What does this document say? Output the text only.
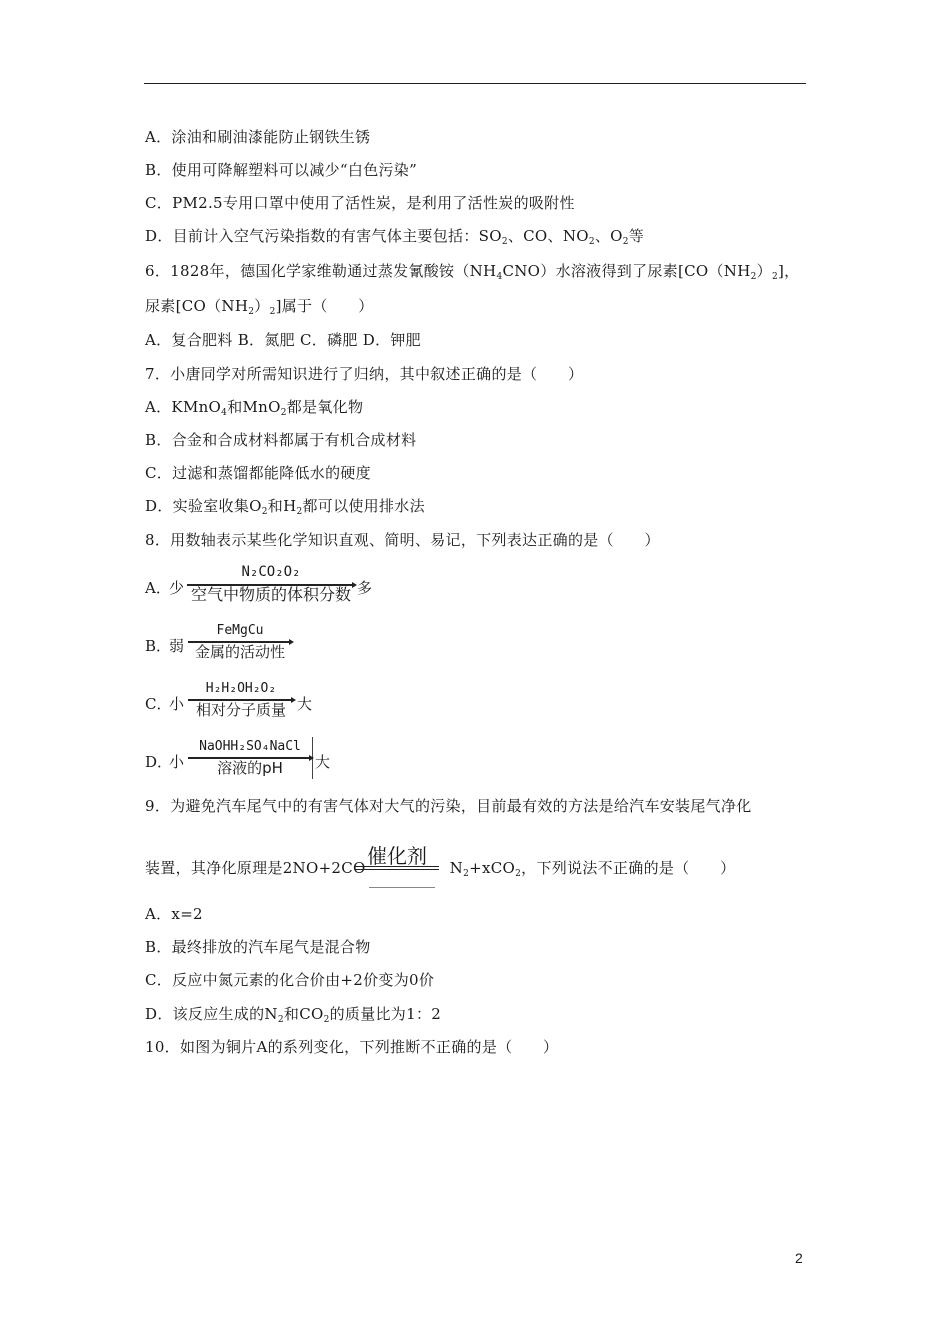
A．涂油和刷油漆能防止钢铁生锈
B．使用可降解塑料可以减少“白色污染”
C．PM2.5专用口罩中使用了活性炭，是利用了活性炭的吸附性
D．目前计入空气污染指数的有害气体主要包括：$SO_2$、CO、$NO_2$、$O_2$等
6．1828年，德国化学家维勒通过蒸发氰酸铵$(NH_4CNO)$水溶液得到了尿素$[CO(NH_2)_2]$，
尿素$[CO(NH_2)_2]$属于（　　）
A．复合肥料 B．氮肥 C．磷肥 D．钾肥
7．小唐同学对所需知识进行了归纳，其中叙述正确的是（　　）
A．KMnO$_4$和MnO$_2$都是氧化物
B．合金和合成材料都属于有机合成材料
C．过滤和蒸馏都能降低水的硬度
D．实验室收集$O_2$和$H_2$都可以使用排水法
8．用数轴表示某些化学知识直观、简明、易记，下列表达正确的是（　　）
A．
少
N₂CO₂O₂
空气中物质的体积分数 多
B．
弱
FeMgCu
金属的活动性
C．
小
H₂H₂OH₂O₂
相对分子质量 大
D．
小
NaOHH₂SO₄NaCl
溶液的pH	大
9．为避免汽车尾气中的有害气体对大气的污染，目前最有效的方法是给汽车安装尾气净化
装置，其净化原理是2NO+2CO	$N_2+xCO_2$，下列说法不正确的是（　　）
催化剂
A．x=2
B．最终排放的汽车尾气是混合物
C．反应中氮元素的化合价由+2价变为0价
D．该反应生成的$N_2$和$CO_2$的质量比为1：2
10．如图为铜片A的系列变化，下列推断不正确的是（　　）
2
